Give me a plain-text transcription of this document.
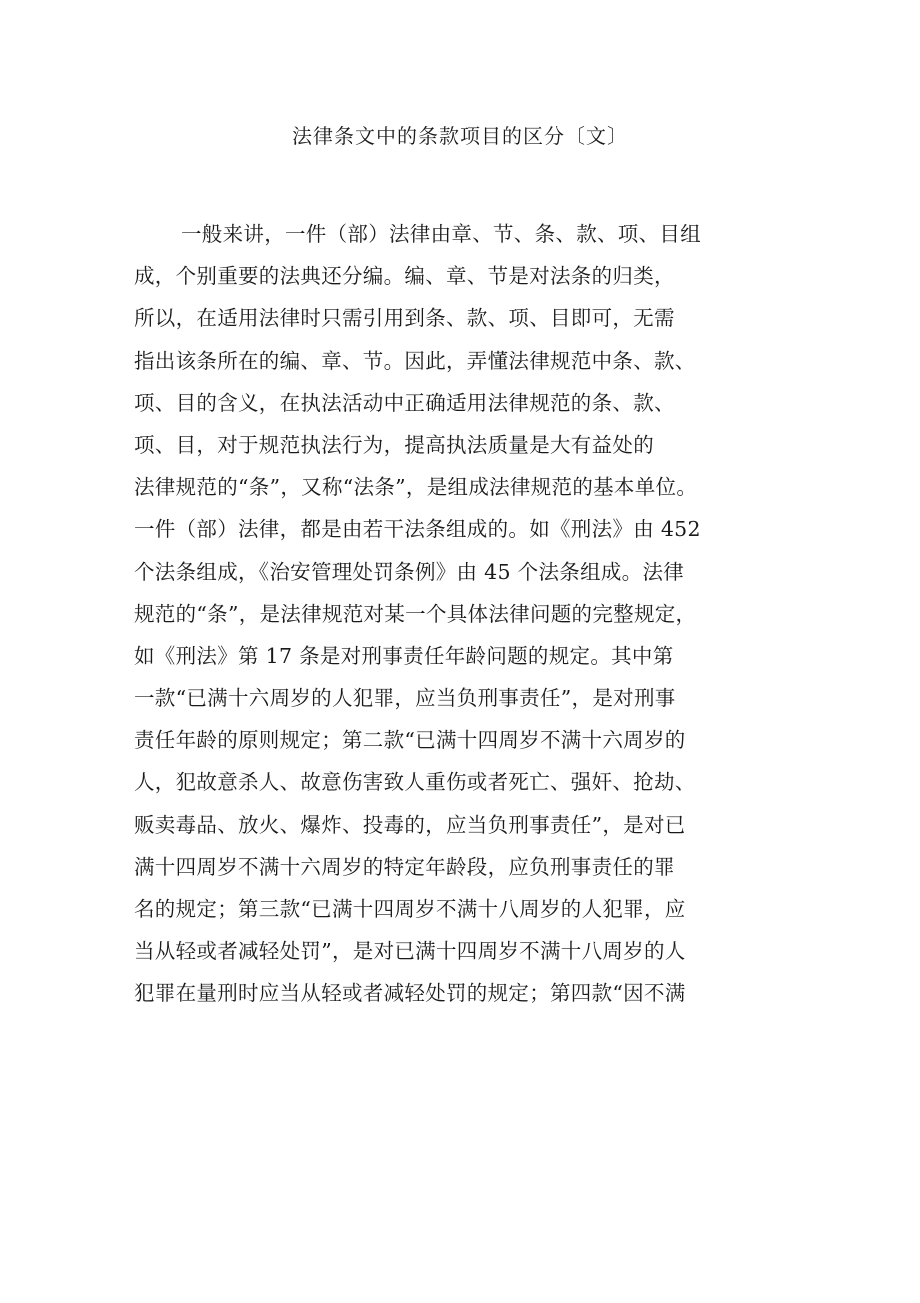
法律条文中的条款项目的区分〔文〕
一般来讲，一件（部）法律由章、节、条、款、项、目组
成，个别重要的法典还分编。编、章、节是对法条的归类，
所以，在适用法律时只需引用到条、款、项、目即可，无需
指出该条所在的编、章、节。因此，弄懂法律规范中条、款、
项、目的含义，在执法活动中正确适用法律规范的条、款、
项、目，对于规范执法行为，提高执法质量是大有益处的
法律规范的“条”，又称“法条”，是组成法律规范的基本单位。
一件（部）法律，都是由若干法条组成的。如《刑法》由 452
个法条组成，《治安管理处罚条例》由 45 个法条组成。法律
规范的“条”，是法律规范对某一个具体法律问题的完整规定，
如《刑法》第 17 条是对刑事责任年龄问题的规定。其中第
一款“已满十六周岁的人犯罪，应当负刑事责任”，是对刑事
责任年龄的原则规定；第二款“已满十四周岁不满十六周岁的
人，犯故意杀人、故意伤害致人重伤或者死亡、强奸、抢劫、
贩卖毒品、放火、爆炸、投毒的，应当负刑事责任”，是对已
满十四周岁不满十六周岁的特定年龄段，应负刑事责任的罪
名的规定；第三款“已满十四周岁不满十八周岁的人犯罪，应
当从轻或者减轻处罚”，是对已满十四周岁不满十八周岁的人
犯罪在量刑时应当从轻或者减轻处罚的规定；第四款“因不满
